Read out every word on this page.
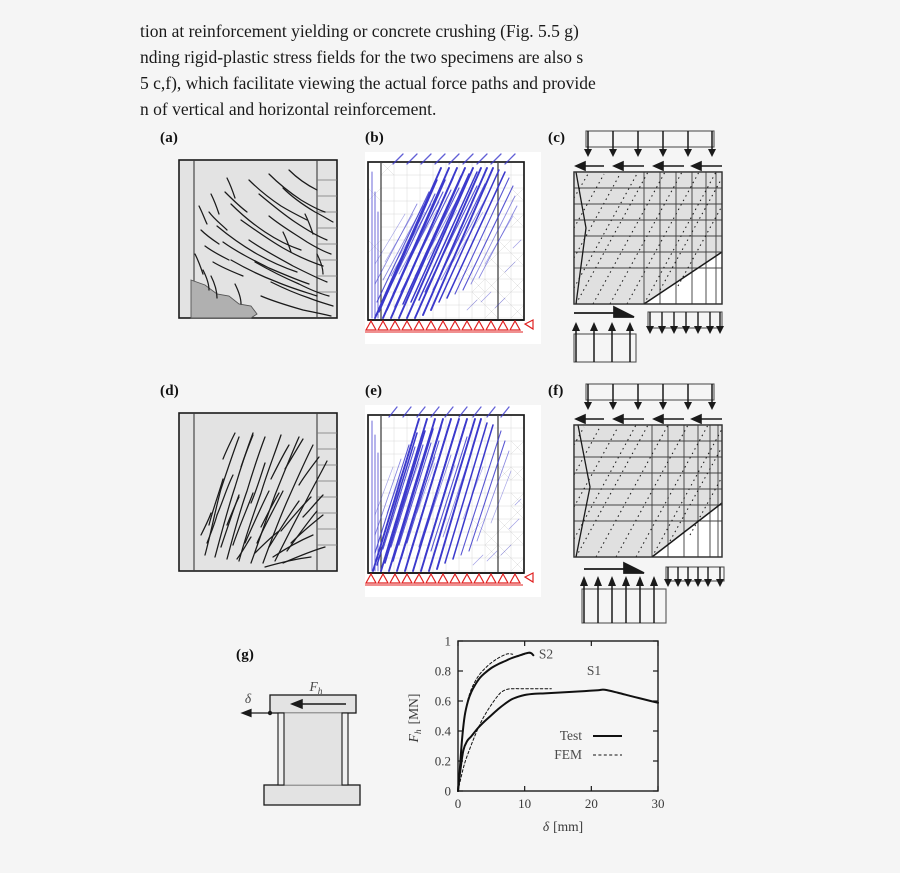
tion at reinforcement yielding or concrete crushing (Fig. 5.5 g)

nding rigid-plastic stress fields for the two specimens are also s

5 c,f), which facilitate viewing the actual force paths and provide

n of vertical and horizontal reinforcement.

(a)	(b)	(c)
(d)	(e)	(f)
(g)
Fh
δ
0	10	20	30
0
0.2
0.4
0.6
0.8
1
S2
S1
Test
FEM
δ [mm]
Fh[MN]
